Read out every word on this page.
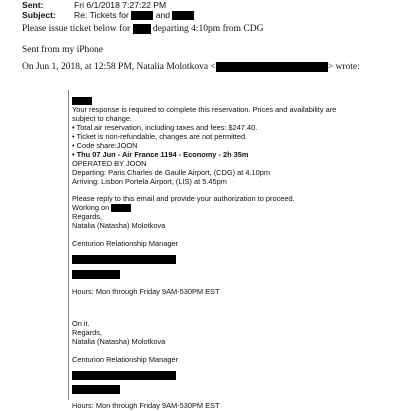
Sent:	Fri 6/1/2018 7:27:22 PM
Subject: Re: Tickets for	and
Please issue ticket below for departing 4:10pm from CDG
Sent from my iPhone
On Jun 1, 2018, at 12:58 PM, Natalia Molotkova <	> wrote:
Your response is required to complete this reservation. Prices and availability are subject to change.
• Total air reservation, including taxes and fees: $247.40.
• Ticket is non-refundable, changes are not permitted.
• Code share:JOON
• Thu 07 Jun - Air France 1194 - Economy - 2h 35m
OPERATED BY JOON
Departing: Paris Charles de Gaulle Airport, (CDG) at 4.10pm
Arriving: Lisbon Portela Airport, (LIS) at 5.45pm
Please reply to this email and provide your authorization to proceed.
Working on
Regards,
Natalia (Natasha) Molotkova
Centurion Relationship Manager
Hours: Mon through Friday 9AM-530PM EST
On it.
Regards,
Natalia (Natasha) Molotkova
Centurion Relationship Manager
Hours: Mon through Friday 9AM-530PM EST
